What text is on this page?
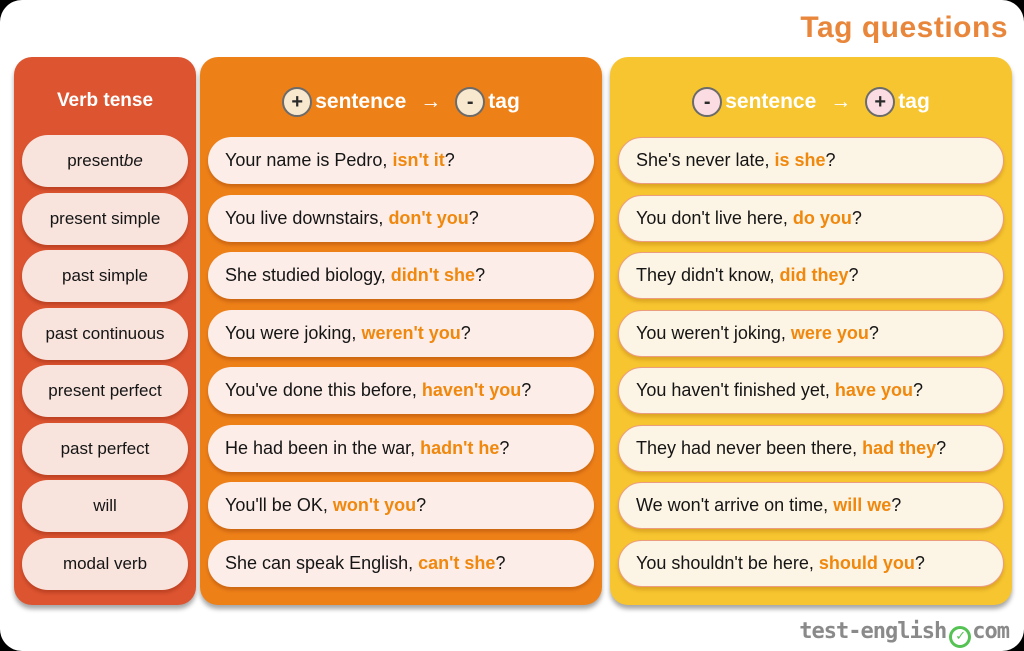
Tag questions
Verb tense
present be
present simple
past simple
past continuous
present perfect
past perfect
will
modal verb
+ sentence →	- tag
Your name is Pedro, isn't it ?
You live downstairs, don't you ?
She studied biology, didn't she ?
You were joking, weren't you ?
You've done this before, haven't you ?
He had been in the war, hadn't he ?
You'll be OK, won't you ?
She can speak English, can't she ?
- sentence →	+ tag
She's never late, is she ?
You don't live here, do you ?
They didn't know, did they ?
You weren't joking, were you ?
You haven't finished yet, have you ?
They had never been there, had they ?
We won't arrive on time, will we ?
You shouldn't be here, should you ?
test-english ✓ com
